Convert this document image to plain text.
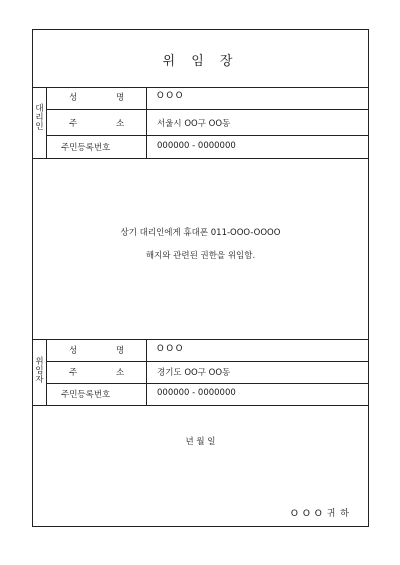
위 임 장
대
리
인
성	명	O O O
주	소	서울시 OO구 OO동
주민등록번호	000000 - 0000000
상기 대리인에게 휴대폰 011-OOO-OOOO
해지와 관련된 권한을 위임함.
위
임
자
성	명	O O O
주	소	경기도 OO구 OO동
주민등록번호	000000 - 0000000
년 월 일
O O O 귀 하
